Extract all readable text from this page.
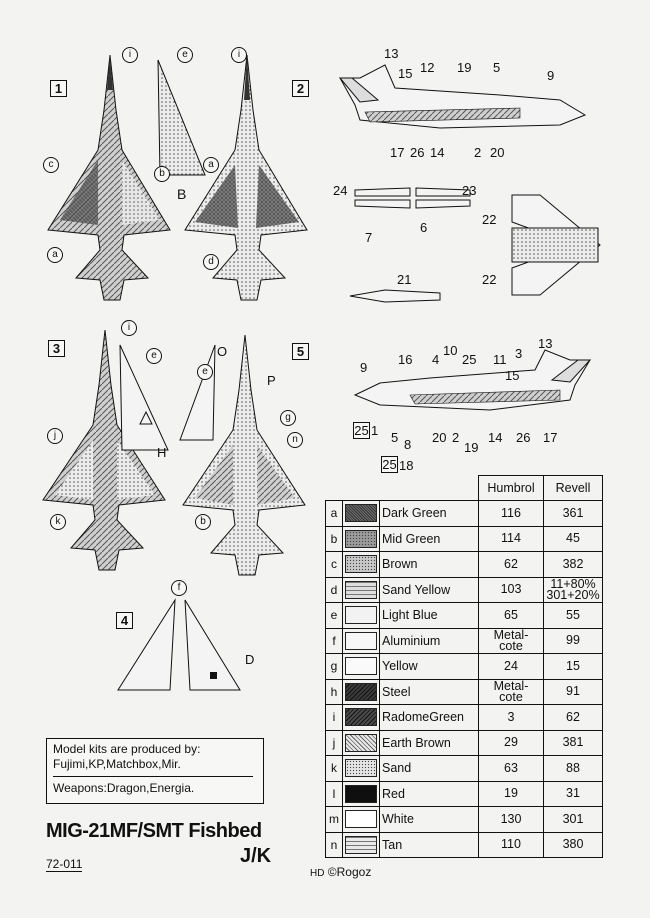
1	2
3
4
5
13
15 12 19 5
9
17 26 14 2 20
24	23
6
7
22
22
21
9
16 4
10
25 11 3
13
15
25 1 5 8 20 2
19
14 26 17
25 18
i	e	i
c
b
a
B
a
d
i
e	O
P
e
g
j	n
k	b
H
f
D
Model kits are produced by:
Fujimi,KP,Matchbox,Mir.
Weapons:Dragon,Energia.
MIG-21MF/SMT Fishbed
J/K
72-011
HD ©Rogoz
			Humbrol	Revell
a		Dark Green	116	361
b		Mid Green	114	45
c		Brown	62	382
d		Sand Yellow	103	11+80%
301+20%
e		Light Blue	65	55
f		Aluminium	Metal-
cote	99
g		Yellow	24	15
h		Steel	Metal-
cote	91
i		RadomeGreen	3	62
j		Earth Brown	29	381
k		Sand	63	88
l		Red	19	31
m		White	130	301
n		Tan	110	380
